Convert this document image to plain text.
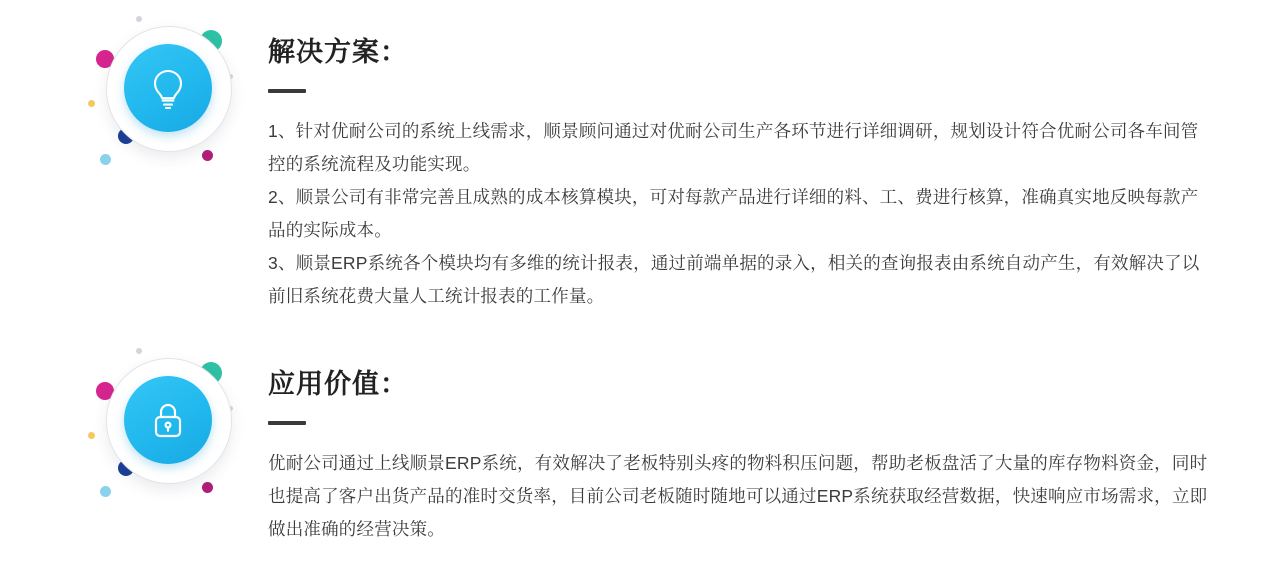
解决方案：

1、针对优耐公司的系统上线需求，顺景顾问通过对优耐公司生产各环节进行详细调研，规划设计符合优耐公司各车间管控的系统流程及功能实现。

2、顺景公司有非常完善且成熟的成本核算模块，可对每款产品进行详细的料、工、费进行核算，准确真实地反映每款产品的实际成本。

3、顺景ERP系统各个模块均有多维的统计报表，通过前端单据的录入，相关的查询报表由系统自动产生，有效解决了以前旧系统花费大量人工统计报表的工作量。

应用价值：

优耐公司通过上线顺景ERP系统，有效解决了老板特别头疼的物料积压问题，帮助老板盘活了大量的库存物料资金，同时也提高了客户出货产品的准时交货率，目前公司老板随时随地可以通过ERP系统获取经营数据，快速响应市场需求，立即做出准确的经营决策。
